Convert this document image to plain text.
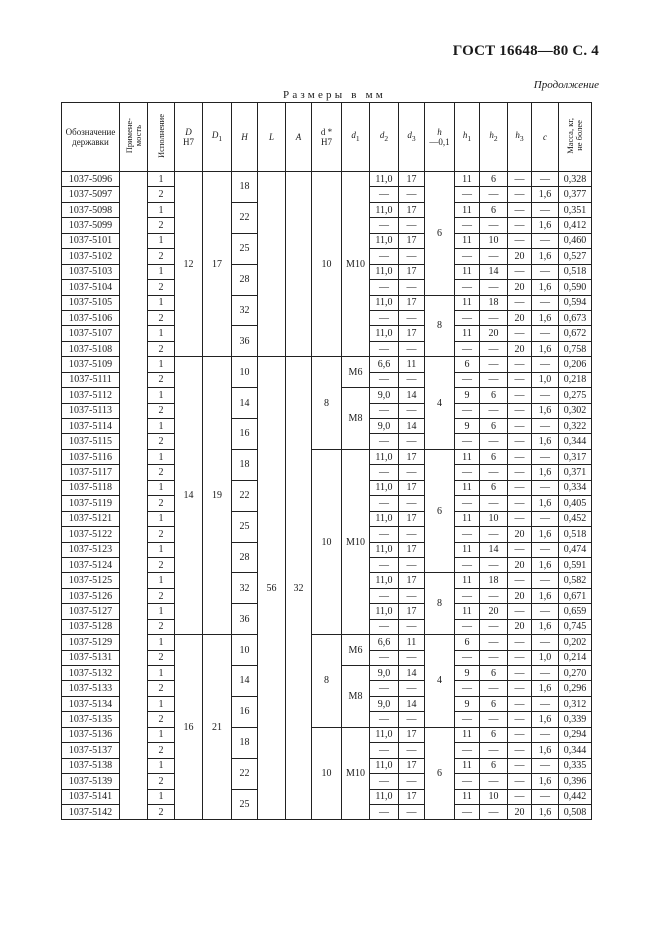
ГОСТ 16648—80 С. 4
Продолжение
Размеры в мм
Обозначение
державки	Примене-
мость	Исполнение	D
H7	$D_1$	H	L	A	d *
H7	$d_1$	$d_2$	$d_3$	h
—0,1	$h_1$	$h_2$	$h_3$	c	Масса, кг,
не более
1037-5096		1	12	17	18			10	M10	11,0	17	6	11	6	—	—	0,328
1037-5097		2								—	—		—	—	—	1,6	0,377
1037-5098		1			22					11,0	17		11	6	—	—	0,351
1037-5099		2								—	—		—	—	—	1,6	0,412
1037-5101		1			25					11,0	17		11	10	—	—	0,460
1037-5102		2								—	—		—	—	20	1,6	0,527
1037-5103		1			28					11,0	17		11	14	—	—	0,518
1037-5104		2								—	—		—	—	20	1,6	0,590
1037-5105		1			32					11,0	17	8	11	18	—	—	0,594
1037-5106		2								—	—		—	—	20	1,6	0,673
1037-5107		1			36					11,0	17		11	20	—	—	0,672
1037-5108		2								—	—		—	—	20	1,6	0,758
1037-5109		1	14	19	10	56	32	8	M6	6,6	11	4	6	—	—	—	0,206
1037-5111		2								—	—		—	—	—	1,0	0,218
1037-5112		1			14				M8	9,0	14		9	6	—	—	0,275
1037-5113		2								—	—		—	—	—	1,6	0,302
1037-5114		1			16					9,0	14		9	6	—	—	0,322
1037-5115		2								—	—		—	—	—	1,6	0,344
1037-5116		1			18			10	M10	11,0	17	6	11	6	—	—	0,317
1037-5117		2								—	—		—	—	—	1,6	0,371
1037-5118		1			22					11,0	17		11	6	—	—	0,334
1037-5119		2								—	—		—	—	—	1,6	0,405
1037-5121		1			25					11,0	17		11	10	—	—	0,452
1037-5122		2								—	—		—	—	20	1,6	0,518
1037-5123		1			28					11,0	17		11	14	—	—	0,474
1037-5124		2								—	—		—	—	20	1,6	0,591
1037-5125		1			32					11,0	17	8	11	18	—	—	0,582
1037-5126		2								—	—		—	—	20	1,6	0,671
1037-5127		1			36					11,0	17		11	20	—	—	0,659
1037-5128		2								—	—		—	—	20	1,6	0,745
1037-5129		1	16	21	10			8	M6	6,6	11	4	6	—	—	—	0,202
1037-5131		2								—	—		—	—	—	1,0	0,214
1037-5132		1			14				M8	9,0	14		9	6	—	—	0,270
1037-5133		2								—	—		—	—	—	1,6	0,296
1037-5134		1			16					9,0	14		9	6	—	—	0,312
1037-5135		2								—	—		—	—	—	1,6	0,339
1037-5136		1			18			10	M10	11,0	17	6	11	6	—	—	0,294
1037-5137		2								—	—		—	—	—	1,6	0,344
1037-5138		1			22					11,0	17		11	6	—	—	0,335
1037-5139		2								—	—		—	—	—	1,6	0,396
1037-5141		1			25					11,0	17		11	10	—	—	0,442
1037-5142		2								—	—		—	—	20	1,6	0,508
